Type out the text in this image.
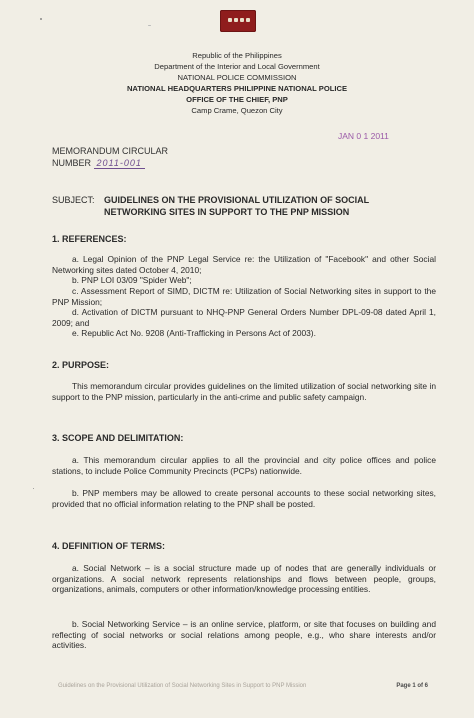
Republic of the Philippines
Department of the Interior and Local Government
NATIONAL POLICE COMMISSION
NATIONAL HEADQUARTERS PHILIPPINE NATIONAL POLICE
OFFICE OF THE CHIEF, PNP
Camp Crame, Quezon City
JAN 0 1 2011
MEMORANDUM CIRCULAR
NUMBER 2011-001
SUBJECT:	GUIDELINES ON THE PROVISIONAL UTILIZATION OF SOCIAL NETWORKING SITES IN SUPPORT TO THE PNP MISSION
1. REFERENCES:
a. Legal Opinion of the PNP Legal Service re: the Utilization of "Facebook" and other Social Networking sites dated October 4, 2010;
b. PNP LOI 03/09 "Spider Web";
c. Assessment Report of SIMD, DICTM re: Utilization of Social Networking sites in support to the PNP Mission;
d. Activation of DICTM pursuant to NHQ-PNP General Orders Number DPL-09-08 dated April 1, 2009; and
e. Republic Act No. 9208 (Anti-Trafficking in Persons Act of 2003).
2. PURPOSE:
This memorandum circular provides guidelines on the limited utilization of social networking site in support to the PNP mission, particularly in the anti-crime and public safety campaign.
3. SCOPE AND DELIMITATION:
a. This memorandum circular applies to all the provincial and city police offices and police stations, to include Police Community Precincts (PCPs) nationwide.
b. PNP members may be allowed to create personal accounts to these social networking sites, provided that no official information relating to the PNP shall be posted.
4. DEFINITION OF TERMS:
a. Social Network – is a social structure made up of nodes that are generally individuals or organizations. A social network represents relationships and flows between people, groups, organizations, animals, computers or other information/knowledge processing entities.
b. Social Networking Service – is an online service, platform, or site that focuses on building and reflecting of social networks or social relations among people, e.g., who share interests and/or activities.
Guidelines on the Provisional Utilization of Social Networking Sites in Support to PNP Mission	Page 1 of 6
